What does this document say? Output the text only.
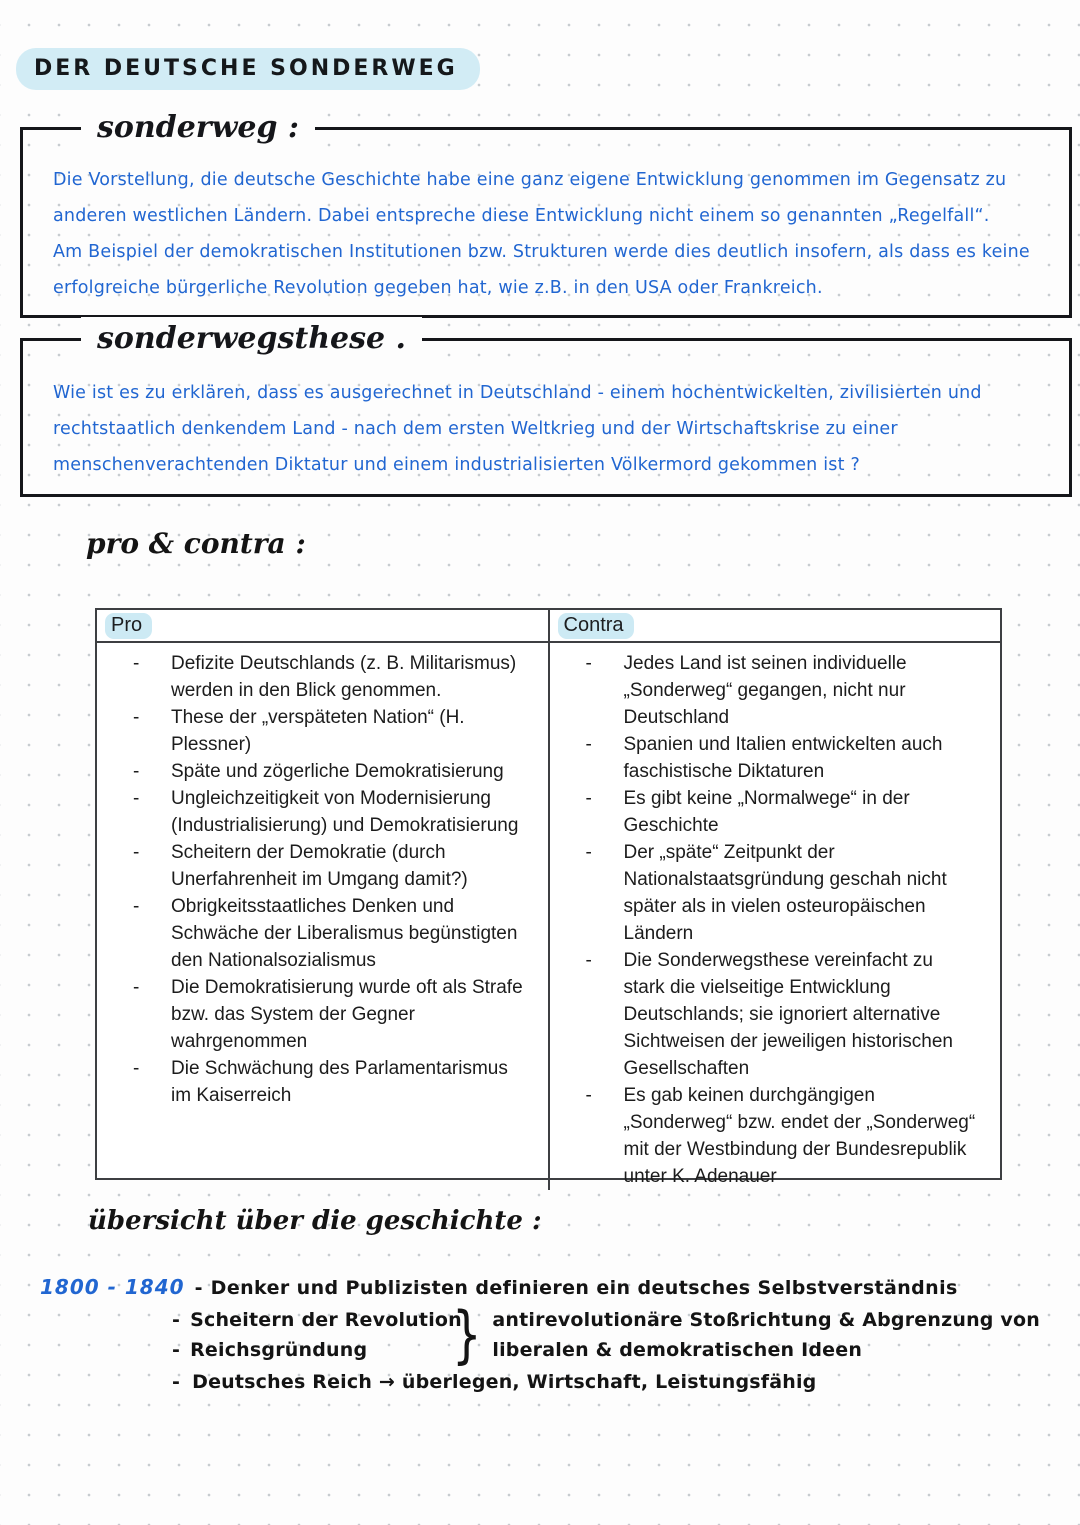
DER DEUTSCHE SONDERWEG
sonderweg :

Die Vorstellung, die deutsche Geschichte habe eine ganz eigene Entwicklung genommen im Gegensatz zu anderen westlichen Ländern. Dabei entspreche diese Entwicklung nicht einem so genannten „Regelfall“.

Am Beispiel der demokratischen Institutionen bzw. Strukturen werde dies deutlich insofern, als dass es keine erfolgreiche bürgerliche Revolution gegeben hat, wie z.B. in den USA oder Frankreich.

sonderwegsthese .

Wie ist es zu erklären, dass es ausgerechnet in Deutschland - einem hochentwickelten, zivilisierten und rechtstaatlich denkendem Land - nach dem ersten Weltkrieg und der Wirtschaftskrise zu einer menschenverachtenden Diktatur und einem industrialisierten Völkermord gekommen ist ?

pro & contra :
Pro	Contra
- Defizite Deutschlands (z. B. Militarismus) werden in den Blick genommen.
- These der „verspäteten Nation“ (H. Plessner)
- Späte und zögerliche Demokratisierung
- Ungleichzeitigkeit von Modernisierung (Industrialisierung) und Demokratisierung
- Scheitern der Demokratie (durch Unerfahrenheit im Umgang damit?)
- Obrigkeitsstaatliches Denken und Schwäche der Liberalismus begünstigten den Nationalsozialismus
- Die Demokratisierung wurde oft als Strafe bzw. das System der Gegner wahrgenommen
- Die Schwächung des Parlamentarismus im Kaiserreich
- Jedes Land ist seinen individuelle „Sonderweg“ gegangen, nicht nur Deutschland
- Spanien und Italien entwickelten auch faschistische Diktaturen
- Es gibt keine „Normalwege“ in der Geschichte
- Der „späte“ Zeitpunkt der Nationalstaatsgründung geschah nicht später als in vielen osteuropäischen Ländern
- Die Sonderwegsthese vereinfacht zu stark die vielseitige Entwicklung Deutschlands; sie ignoriert alternative Sichtweisen der jeweiligen historischen Gesellschaften
- Es gab keinen durchgängigen „Sonderweg“ bzw. endet der „Sonderweg“ mit der Westbindung der Bundesrepublik unter K. Adenauer
übersicht über die geschichte :
1800 - 1840 - Denker und Publizisten definieren ein deutsches Selbstverständnis
- Scheitern der Revolution
- Reichsgründung
}
antirevolutionäre Stoßrichtung & Abgrenzung von
liberalen & demokratischen Ideen
- Deutsches Reich → überlegen, Wirtschaft, Leistungsfähig
